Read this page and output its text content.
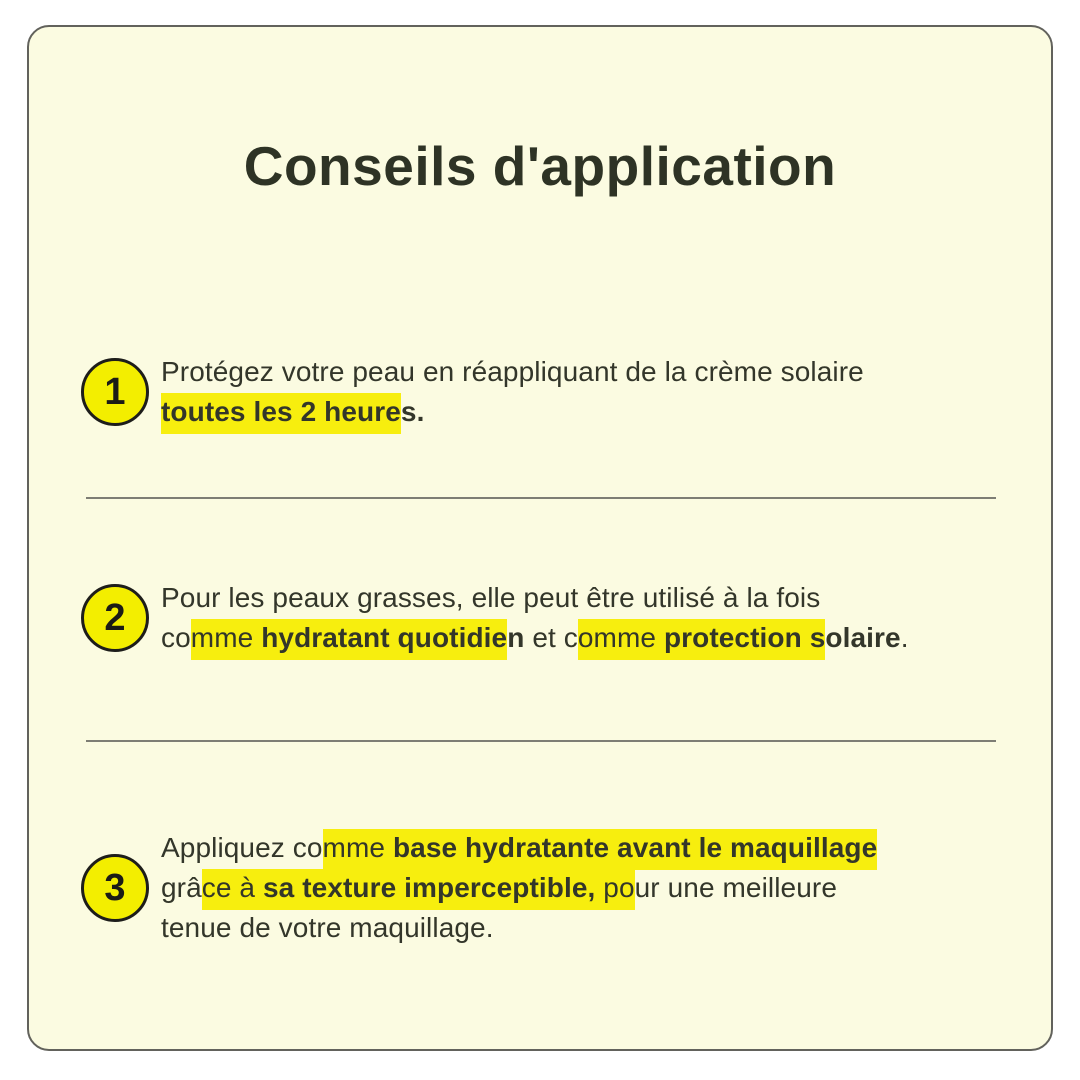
Conseils d'application
1 Protégez votre peau en réappliquant de la crème solaire
toutes les 2 heures.

2 Pour les peaux grasses, elle peut être utilisé à la fois
comme hydratant quotidien et comme protection solaire.

3

Appliquez comme base hydratante avant le maquillage
grâce à sa texture imperceptible, pour une meilleure
tenue de votre maquillage.
